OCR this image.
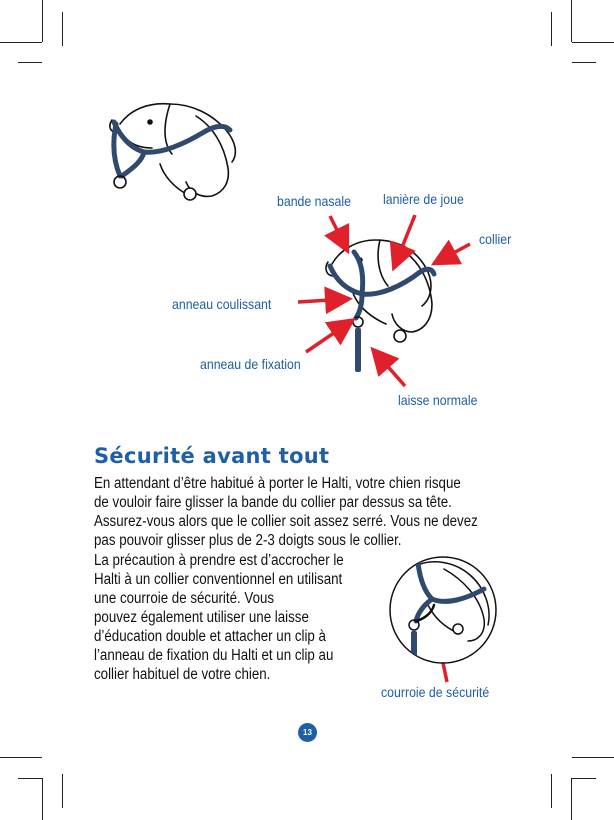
bande nasale lanière de joue
collier
anneau coulissant
anneau de fixation
laisse normale
Sécurité avant tout

En attendant d’être habitué à porter le Halti, votre chien risque
de vouloir faire glisser la bande du collier par dessus sa tête.
Assurez-vous alors que le collier soit assez serré. Vous ne devez
pas pouvoir glisser plus de 2-3 doigts sous le collier.

La précaution à prendre est d’accrocher le
Halti à un collier conventionnel en utilisant
une courroie de sécurité. Vous
pouvez également utiliser une laisse
d’éducation double et attacher un clip à
l’anneau de fixation du Halti et un clip au
collier habituel de votre chien.

courroie de sécurité
13
